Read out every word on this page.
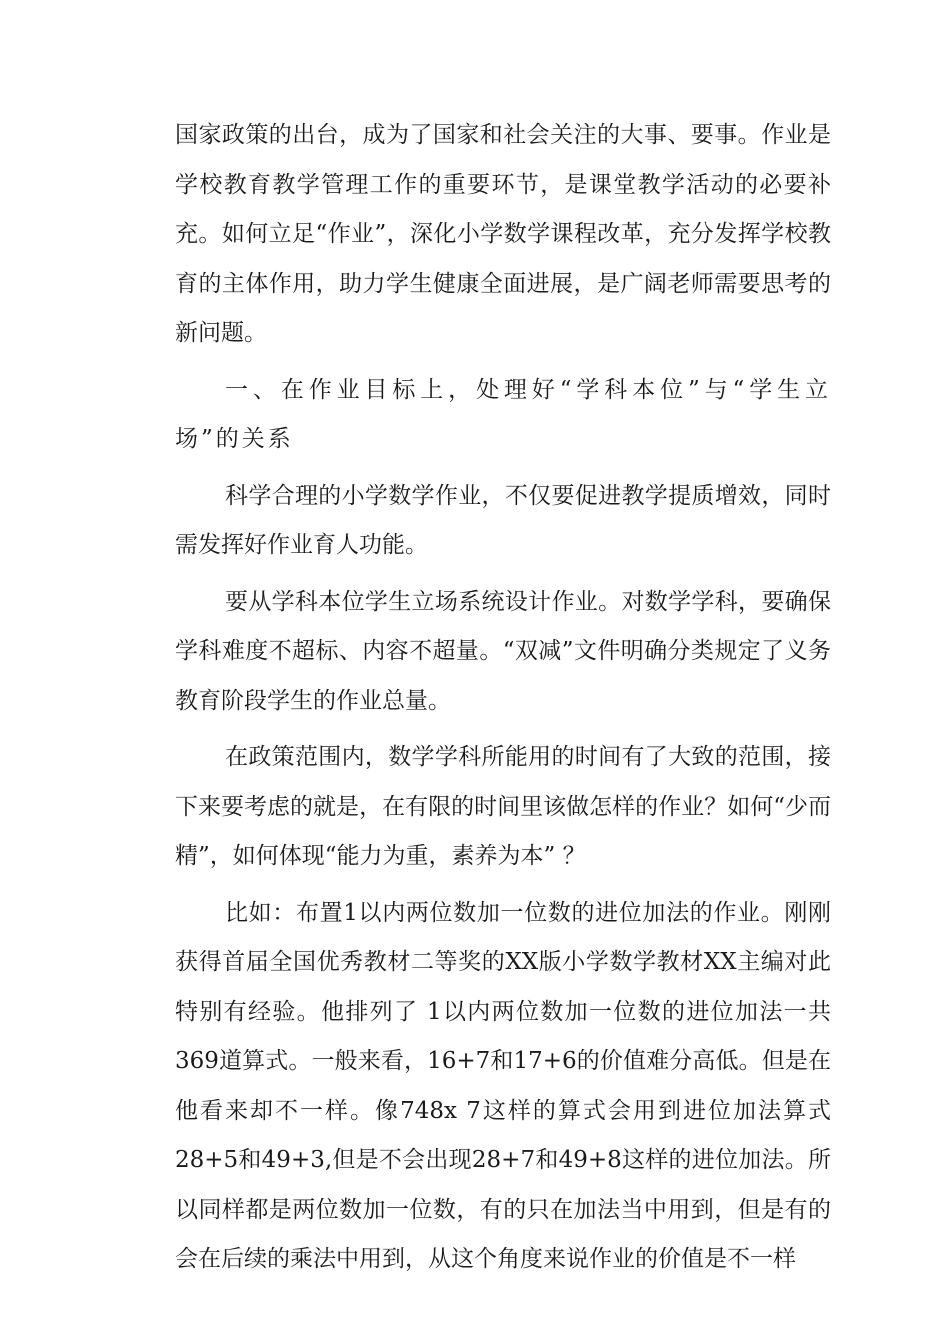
国家政策的出台，成为了国家和社会关注的大事、要事。作业是学校教育教学管理工作的重要环节，是课堂教学活动的必要补充。如何立足“作业”，深化小学数学课程改革，充分发挥学校教育的主体作用，助力学生健康全面进展，是广阔老师需要思考的新问题。

一、在作业目标上，处理好“学科本位”与“学生立场”的关系

科学合理的小学数学作业，不仅要促进教学提质增效，同时需发挥好作业育人功能。

要从学科本位学生立场系统设计作业。对数学学科，要确保学科难度不超标、内容不超量。“双减”文件明确分类规定了义务教育阶段学生的作业总量。

在政策范围内，数学学科所能用的时间有了大致的范围，接下来要考虑的就是，在有限的时间里该做怎样的作业？如何“少而精”，如何体现“能力为重，素养为本” ？

比如：布置1以内两位数加一位数的进位加法的作业。刚刚获得首届全国优秀教材二等奖的XX版小学数学教材XX主编对此特别有经验。他排列了 1以内两位数加一位数的进位加法一共369道算式。一般来看，16+7和17+6的价值难分高低。但是在他看来却不一样。像748x 7这样的算式会用到进位加法算式28+5和49+3,但是不会出现28+7和49+8这样的进位加法。所以同样都是两位数加一位数，有的只在加法当中用到，但是有的会在后续的乘法中用到，从这个角度来说作业的价值是不一样
